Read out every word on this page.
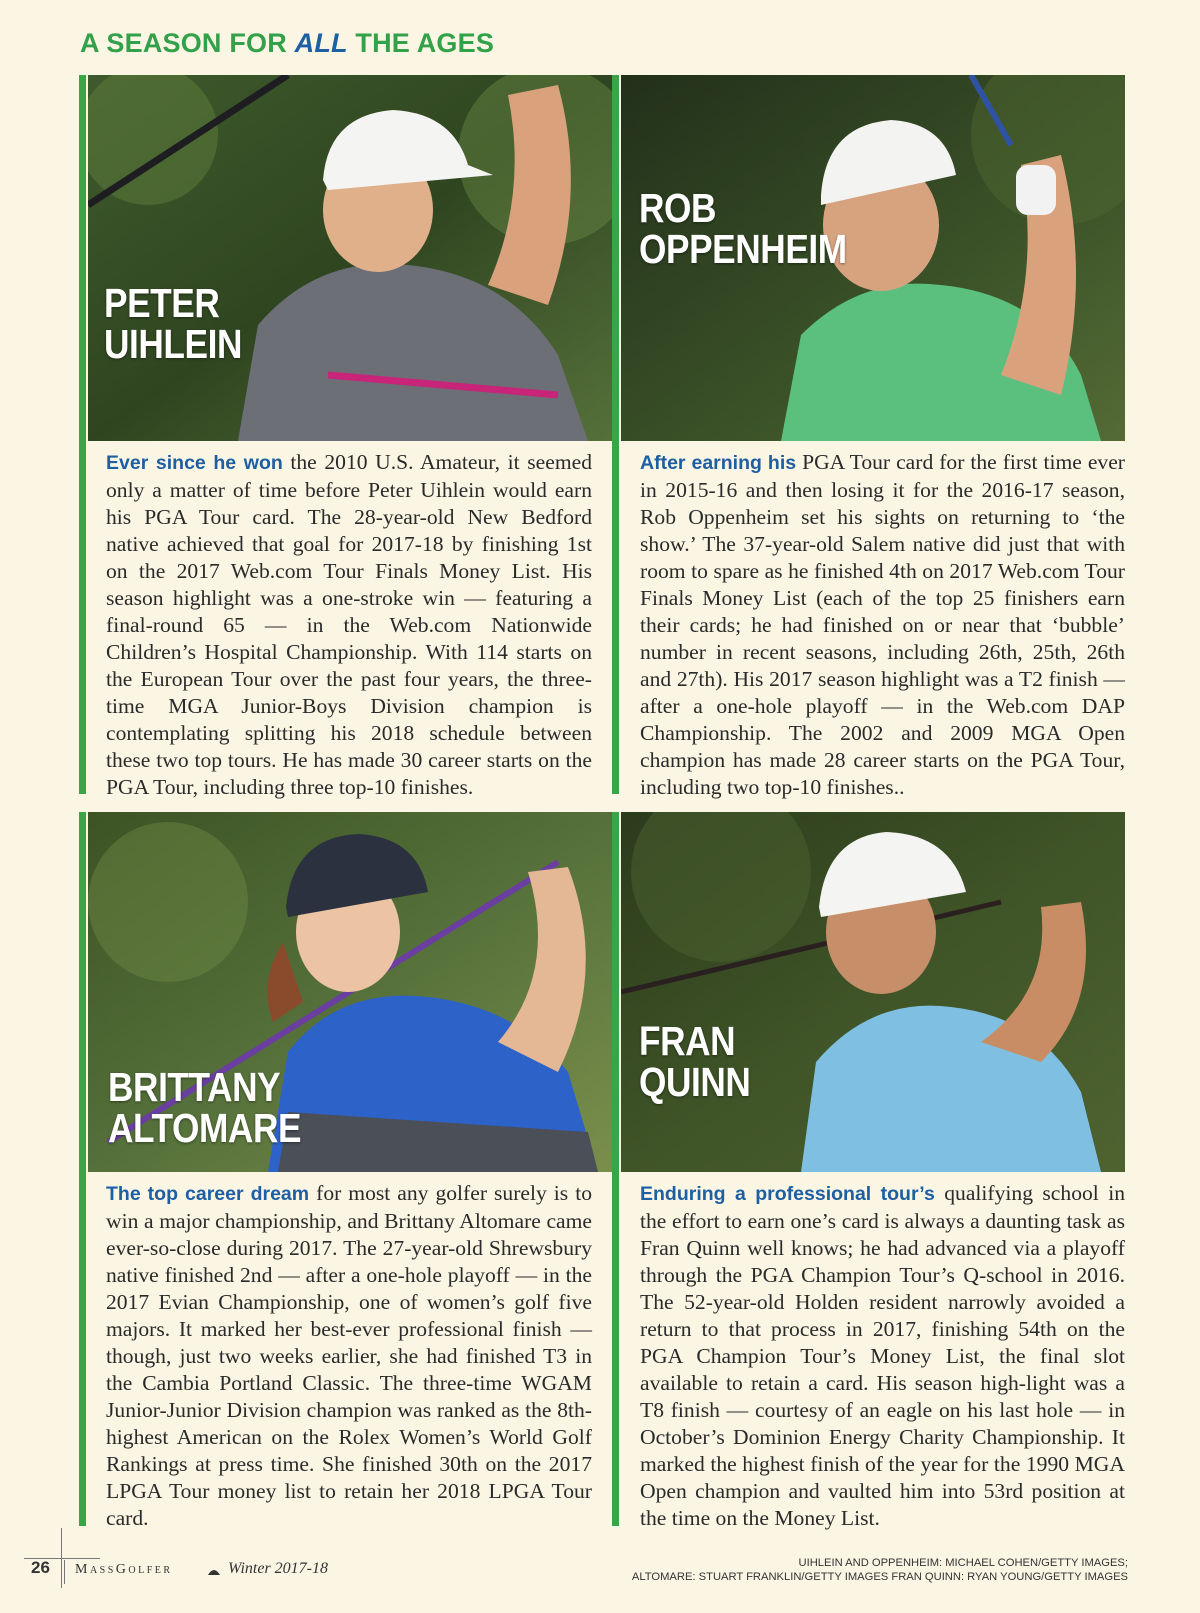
A SEASON FOR ALL THE AGES
PETER
UIHLEIN
ROB
OPPENHEIM
Ever since he won the 2010 U.S. Amateur, it seemed only a matter of time before Peter Uihlein would earn his PGA Tour card. The 28-year-old New Bedford native achieved that goal for 2017-18 by finishing 1st on the 2017 Web.com Tour Finals Money List. His season highlight was a one-stroke win — featuring a final-round 65 — in the Web.com Nationwide Children’s Hospital Championship. With 114 starts on the European Tour over the past four years, the three-time MGA Junior-Boys Division champion is contemplating splitting his 2018 schedule between these two top tours. He has made 30 career starts on the PGA Tour, including three top-10 finishes.
After earning his PGA Tour card for the first time ever in 2015-16 and then losing it for the 2016-17 season, Rob Oppenheim set his sights on returning to ‘the show.’ The 37-year-old Salem native did just that with room to spare as he finished 4th on 2017 Web.com Tour Finals Money List (each of the top 25 finishers earn their cards; he had finished on or near that ‘bubble’ number in recent seasons, including 26th, 25th, 26th and 27th). His 2017 season highlight was a T2 finish — after a one-hole playoff — in the Web.com DAP Championship. The 2002 and 2009 MGA Open champion has made 28 career starts on the PGA Tour, including two top-10 finishes..
BRITTANY
ALTOMARE
FRAN
QUINN
The top career dream for most any golfer surely is to win a major championship, and Brittany Altomare came ever-so-close during 2017. The 27-year-old Shrewsbury native finished 2nd — after a one-hole playoff — in the 2017 Evian Championship, one of women’s golf five majors. It marked her best-ever professional finish — though, just two weeks earlier, she had finished T3 in the Cambia Portland Classic. The three-time WGAM Junior-Junior Division champion was ranked as the 8th-highest American on the Rolex Women’s World Golf Rankings at press time. She finished 30th on the 2017 LPGA Tour money list to retain her 2018 LPGA Tour card.
Enduring a professional tour’s qualifying school in the effort to earn one’s card is always a daunting task as Fran Quinn well knows; he had advanced via a playoff through the PGA Champion Tour’s Q-school in 2016. The 52-year-old Holden resident narrowly avoided a return to that process in 2017, finishing 54th on the PGA Champion Tour’s Money List, the final slot available to retain a card. His season high-light was a T8 finish — courtesy of an eagle on his last hole — in October’s Dominion Energy Charity Championship. It marked the highest finish of the year for the 1990 MGA Open champion and vaulted him into 53rd position at the time on the Money List.
26 MassGolfer	Winter 2017-18	UIHLEIN AND OPPENHEIM: MICHAEL COHEN/GETTY IMAGES;
ALTOMARE: STUART FRANKLIN/GETTY IMAGES FRAN QUINN: RYAN YOUNG/GETTY IMAGES
